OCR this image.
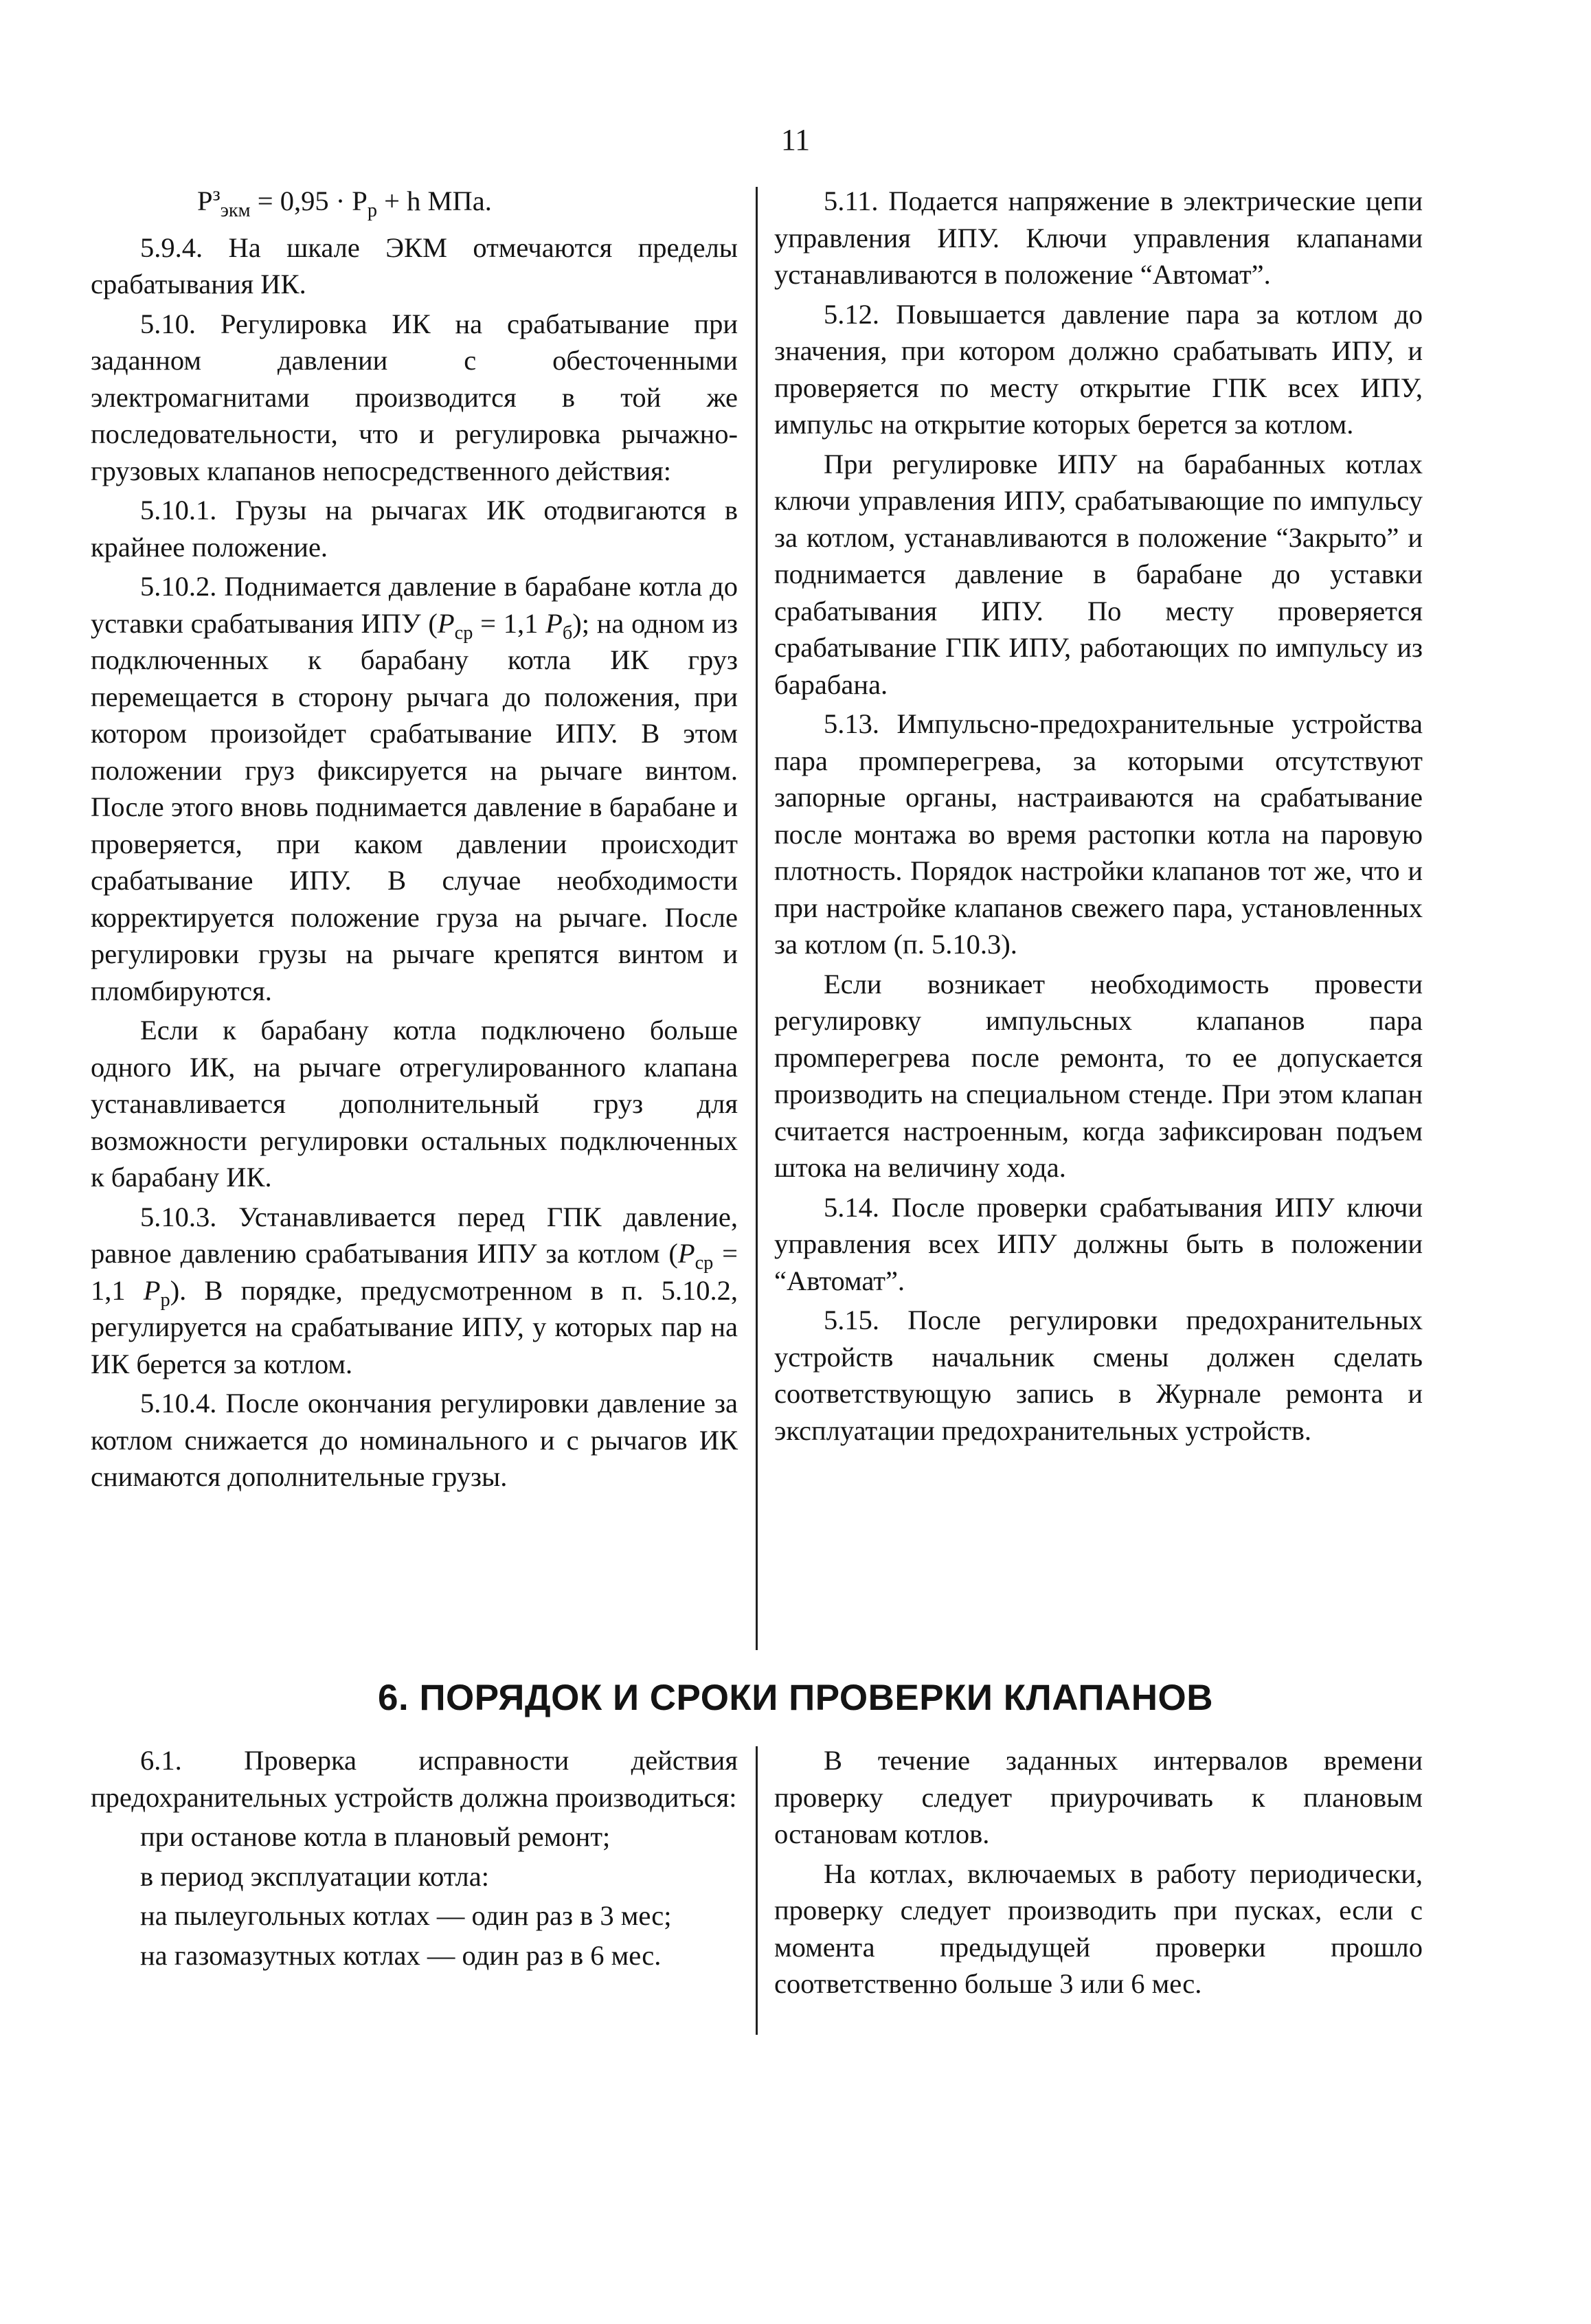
11

$P^з_{экм} = 0,95 \cdot P_р + h$ МПа.

5.9.4. На шкале ЭКМ отмечаются пределы срабатывания ИК.

5.10. Регулировка ИК на срабатывание при заданном давлении с обесточенными электромагнитами производится в той же последовательности, что и регулировка рычажно-грузовых клапанов непосредственного действия:

5.10.1. Грузы на рычагах ИК отодвигаются в крайнее положение.

5.10.2. Поднимается давление в барабане котла до уставки срабатывания ИПУ ($P_{ср} = 1,1$ $P_б$); на одном из подключенных к барабану котла ИК груз перемещается в сторону рычага до положения, при котором произойдет срабатывание ИПУ. В этом положении груз фиксируется на рычаге винтом. После этого вновь поднимается давление в барабане и проверяется, при каком давлении происходит срабатывание ИПУ. В случае необходимости корректируется положение груза на рычаге. После регулировки грузы на рычаге крепятся винтом и пломбируются.

Если к барабану котла подключено больше одного ИК, на рычаге отрегулированного клапана устанавливается дополнительный груз для возможности регулировки остальных подключенных к барабану ИК.

5.10.3. Устанавливается перед ГПК давление, равное давлению срабатывания ИПУ за котлом ($P_{ср} = 1,1$ $P_р$). В порядке, предусмотренном в п. 5.10.2, регулируется на срабатывание ИПУ, у которых пар на ИК берется за котлом.

5.10.4. После окончания регулировки давление за котлом снижается до номинального и с рычагов ИК снимаются дополнительные грузы.

5.11. Подается напряжение в электрические цепи управления ИПУ. Ключи управления клапанами устанавливаются в положение “Автомат”.

5.12. Повышается давление пара за котлом до значения, при котором должно срабатывать ИПУ, и проверяется по месту открытие ГПК всех ИПУ, импульс на открытие которых берется за котлом.

При регулировке ИПУ на барабанных котлах ключи управления ИПУ, срабатывающие по импульсу за котлом, устанавливаются в положение “Закрыто” и поднимается давление в барабане до уставки срабатывания ИПУ. По месту проверяется срабатывание ГПК ИПУ, работающих по импульсу из барабана.

5.13. Импульсно-предохранительные устройства пара промперегрева, за которыми отсутствуют запорные органы, настраиваются на срабатывание после монтажа во время растопки котла на паровую плотность. Порядок настройки клапанов тот же, что и при настройке клапанов свежего пара, установленных за котлом (п. 5.10.3).

Если возникает необходимость провести регулировку импульсных клапанов пара промперегрева после ремонта, то ее допускается производить на специальном стенде. При этом клапан считается настроенным, когда зафиксирован подъем штока на величину хода.

5.14. После проверки срабатывания ИПУ ключи управления всех ИПУ должны быть в положении “Автомат”.

5.15. После регулировки предохранительных устройств начальник смены должен сделать соответствующую запись в Журнале ремонта и эксплуатации предохранительных устройств.

6. ПОРЯДОК И СРОКИ ПРОВЕРКИ КЛАПАНОВ

6.1. Проверка исправности действия предохранительных устройств должна производиться:

при останове котла в плановый ремонт;

в период эксплуатации котла:

на пылеугольных котлах — один раз в 3 мес;

на газомазутных котлах — один раз в 6 мес.

В течение заданных интервалов времени проверку следует приурочивать к плановым остановам котлов.

На котлах, включаемых в работу периодически, проверку следует производить при пусках, если с момента предыдущей проверки прошло соответственно больше 3 или 6 мес.
